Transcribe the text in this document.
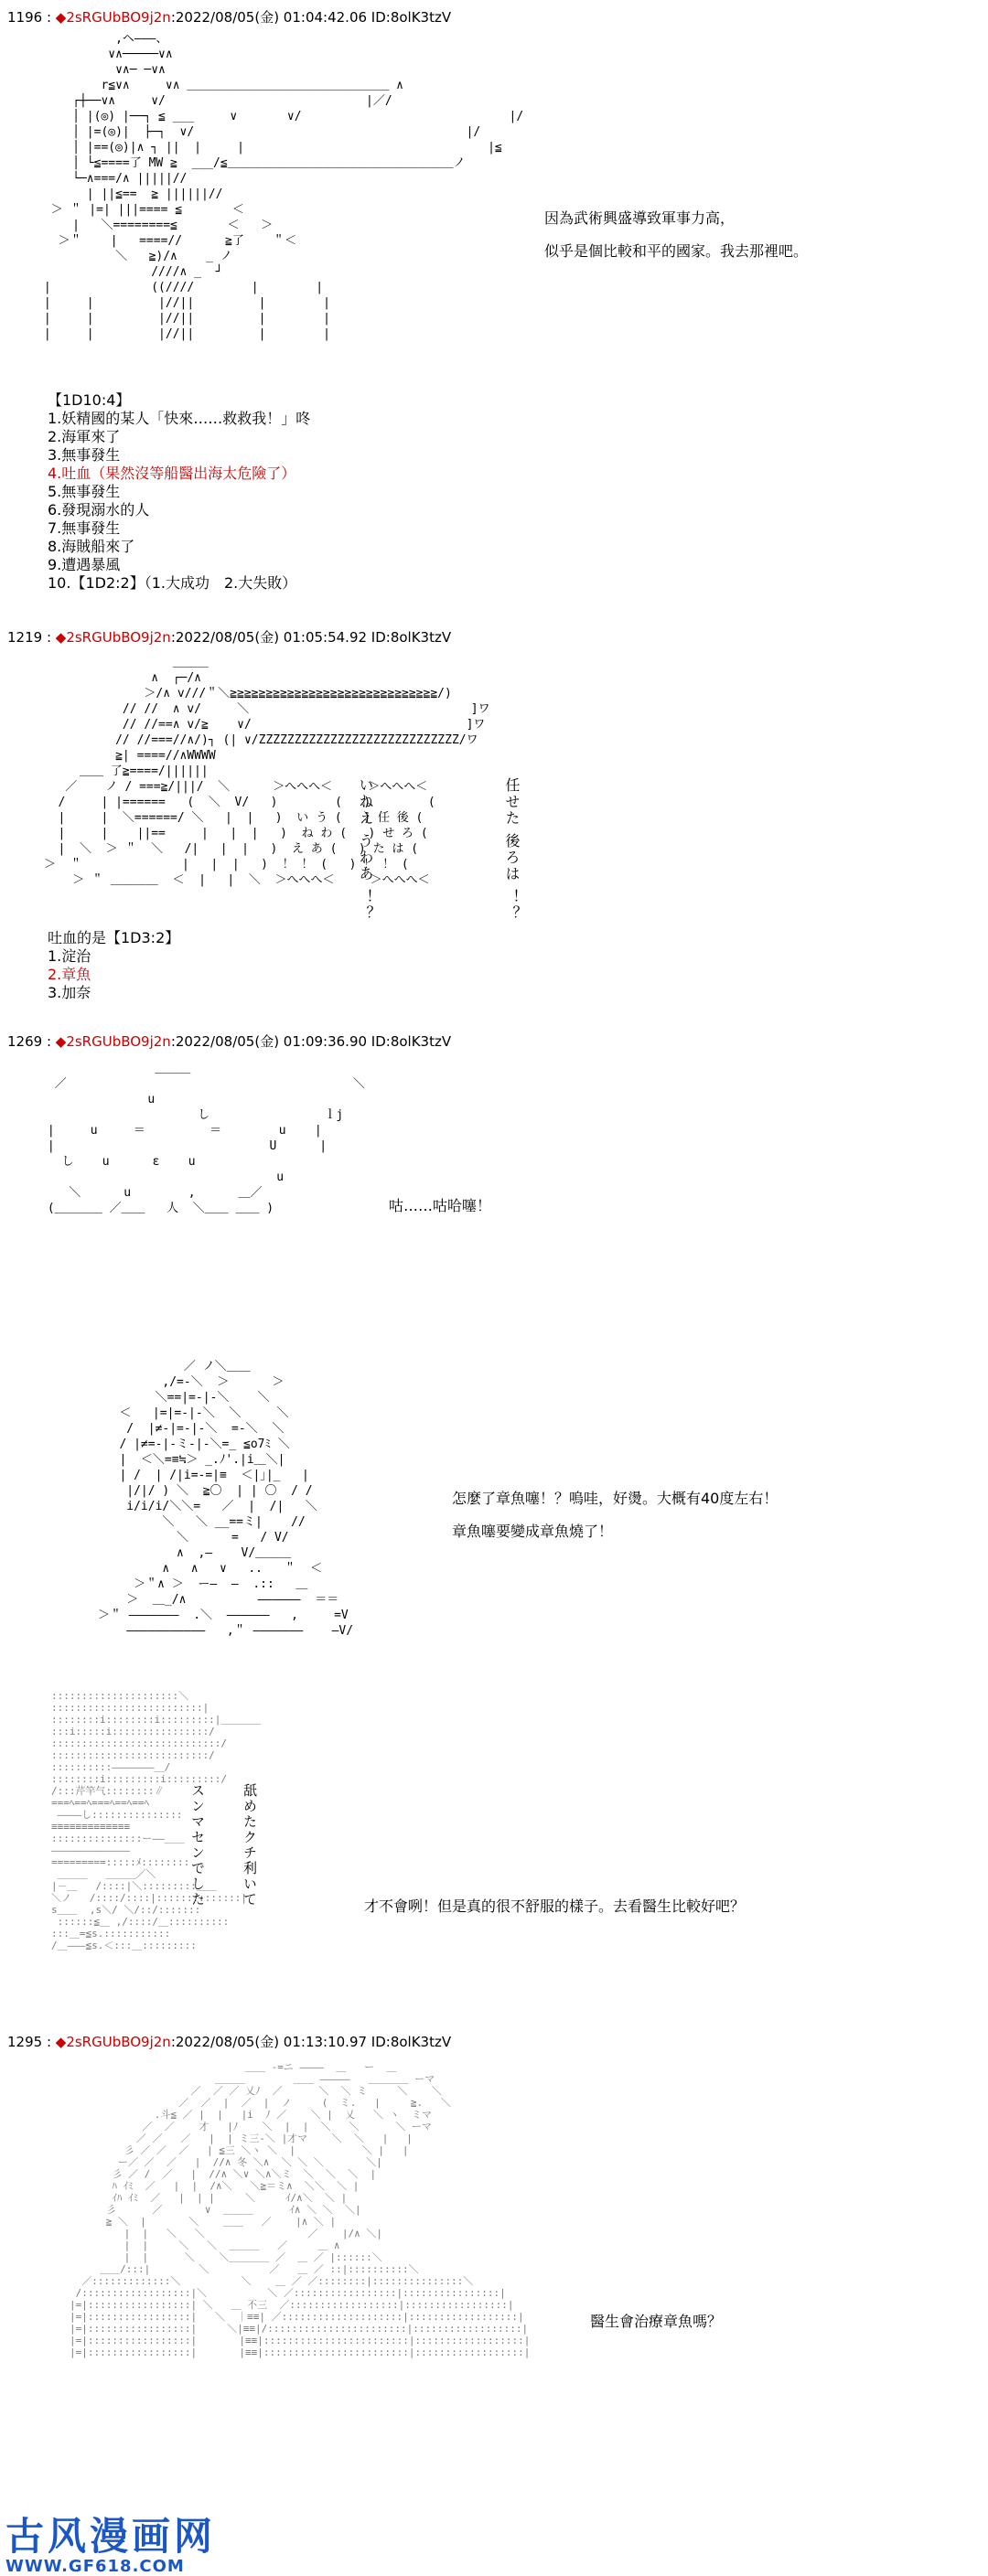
1196 : ◆2sRGUbBO9j2n:2022/08/05(金) 01:04:42.06 ID:8olK3tzV
,ヘ―――、
∨∧─────∨∧
∨∧─ ─∨∧
r≦∨∧     ∨∧ ＿＿＿＿＿＿＿＿＿＿＿＿＿＿＿＿＿ ∧
┌┼──∨∧     ∨/                            |／/
│ |(◎) |──┐ ≦ ___     ∨       ∨/                             |/
│ |=(◎)|  ├─┐  ∨/                                      |/
│ |==(◎)|∧ ┐ ||  |     |                                  |≦
│ └≦====了 MW ≧  ___/≦＿＿＿＿＿＿＿＿＿＿＿＿＿＿＿＿＿＿＿ノ
└─∧===/∧ |||||//
| ||≦==  ≧ ||||||//
＞ ＂ |=| |||==== ≦       ＜
|   ＼========≦       ＜   ＞
＞＂    |   ====//      ≧了    ＂＜
＼   ≧)/∧    _ ノ
////∧ _  ┘
|              ((////        |        |
|     |         |//||         |        |
|     |         |//||         |        |
|     |         |//||         |        |
因為武術興盛導致軍事力高，
似乎是個比較和平的國家。我去那裡吧。
【1D10:4】
1.妖精國的某人「快來……救救我！」咚
2.海軍來了
3.無事發生
4.吐血（果然沒等船醫出海太危險了）
5.無事發生
6.發現溺水的人
7.無事發生
8.海賊船來了
9.遭遇暴風
10.【1D2:2】（1.大成功　2.大失敗）
1219 : ◆2sRGUbBO9j2n:2022/08/05(金) 01:05:54.92 ID:8olK3tzV
＿＿＿
∧  ┌─/∧
＞/∧ v///＂＼≧≧≧≧≧≧≧≧≧≧≧≧≧≧≧≧≧≧≧≧≧≧≧≧≧≧≧≧≧/)
// //  ∧ v/     ＼                               ]ワ
// //==∧ v/≧    ∨/                              ]ワ
// //===//∧/)┐ (| ∨/ZZZZZZZZZZZZZZZZZZZZZZZZZZZZ/ワ
≧| ====//∧WWWW
＿＿ 了≧====/||||||
／    ノ / ===≧/|||/  ＼      ＞へへへ＜     ＞へへへ＜
/     | |======   (  ＼  V/   )        (   )        (
|     |  ＼======/ ＼   |  |   )  い う (   ) 任 後 (
|     |    ||==     |   |  |   )  ね わ (   ) せ ろ (
|  ＼  ＞ ＂  ＼   /|   |  |   )  え あ (   ) た は (
＞  ＂              |   |  |   )  ！ ！ (   ) ！ ！ (
＞ ＂ ＿＿＿＿  ＜  |   |  ＼  ＞へへへ＜     ＞へへへ＜
いねえ うわあ ！？
任せた 後ろは ！？
吐血的是【1D3:2】
1.淀治
2.章魚
3.加奈
1269 : ◆2sRGUbBO9j2n:2022/08/05(金) 01:09:36.90 ID:8olK3tzV
＿＿＿
／                                        ＼
u
し                ｌj
|     u     ＝         ＝        u    |
|                              U      |
し    u      ε    u
u
＼      u        ,      ＿／
(＿＿＿＿ ／＿＿   人  ＼＿＿ ＿＿ )	咕……咕哈噻！
／ ノ＼＿＿
,/=-＼  ＞      ＞
＼==|=-|-＼    ＼
＜   |=|=-|-＼  ＼     ＼
/  |≠-|=-|-＼  =-＼  ＼
/ |≠=-|-ミ-|-＼=_ ≦o7ﾐ ＼
|  ＜＼=≡≒＞ _.ﾉ'.|i＿＼|
| /  | /|i=-=|≡  ＜|｣|_   |
|/|/ ) ＼  ≧〇  | | 〇  / /
i/i/i/＼＼=   ／  |  /|   ＼
＼   ＼ __==ミ|    //
＼      =   / V/
∧  ,―    V/＿＿＿
∧   ∧   ∨   ..   ＂  ＜
＞＂∧ ＞  ー―  ―  .::   ＿
＞  ＿_/∧          ――――――  ＝＝
＞＂ ―――――――  .＼  ――――――   ,     =V
―――――――――――   ,＂ ―――――――    ―V/
怎麼了章魚噻！？嗚哇，好燙。大概有40度左右！
章魚噻要變成章魚燒了！
:::::::::::::::::::::＼
:::::::::::::::::::::::::|
::::::::i::::::::i:::::::::|＿＿＿＿
:::i:::::i::::::::::::::::/
::::::::::::::::::::::::::::/
::::::::::::::::::::::::::/
::::::::::―――――――＿/
::::::::i:::::::::i:::::::::/
/:::芹竿气::::::::∥
===ﾍ==ﾍ===ﾍ==ﾍ==ﾍ
――――し:::::::::::::::
≡≡≡≡≡≡≡≡≡≡≡≡≡
:::::::::::::::ー――＿＿
―――――――――――――
=========:::::ﾒ::::::::
＿＿＿   ＿＿＿／＼
|－＿   /::::|＼:::::::::＿＿
＼ノ   /::::/::::|::::::::::::::|
s＿＿  ,s＼/ ＼/::/:::::::
::::::≦＿ ,/::::/＿::::::::::
:::＿=≦s.:::::::::::
/＿―――≦s.＜:::＿:::::::::
スンマセンでした	舐めたクチ利いて	才不會咧！但是真的很不舒服的樣子。去看醫生比較好吧？
1295 : ◆2sRGUbBO9j2n:2022/08/05(金) 01:13:10.97 ID:8olK3tzV
＿＿ -=ニ ――――  ＿   ー  ＿
＿＿＿        ＿＿ ―――――   ＿＿＿＿ ーマ
／  ／ ／ 乂ﾉ  ／      ＼  ＼ ミ     ＼    ＼
／  ／  |  ／  |  ノ     (  ミ.   |     ≧.   ＼
.斗≦ ／ |  |   |i  ﾉ ／    ＼ |  乂   ＼ ヽ  ミマ
／  ／    才   |ﾉ    ＼  |  |  ＼   ＼      ＼ ーマ
／ ／   ／   |  | ミ三-＼ |才マ    ＼  ＼   |   |
彡 ／ ／  ／   | ≦三 ＼ヽ ＼  |           ＼ |   |
ー／ ／  ／   |  //∧ 冬 ＼∧  ＼ ＼ ＼       ＼|
彡 ／ /  ／   |  //∧ ＼∨ ＼∧＼ミ  ＼  ＼  ＼  |
ﾊ ｲﾐ  ／   |  |  /∧＼   ＼≧＝ミ∧  ＼＼  ＼ |
ｲﾊ ｲﾐ  ／   |  | |     ＼     ｲ/∧＼  ＼ |
彡      ／       ∨  ＿＿＿      ｲ∧ ＼ ＼  ＼|
≧ ＼  |       ＼    ＿＿   ／    |∧ ＼ |
|  |   ＼   ＼                 ／    |/∧ ＼|
|  |     ＼   ＼  ＿＿＿   ／     ＿ ∧
|  |      ＼    ＼＿＿＿＿ ／  ＿ ／ |::::::＼
＿＿/:::|        ＼          ／   ＿ ／ ::|::::::::::＼
／:::::::::::::＼          ＼    ＿ ／ ／::::::::|:::::::::::::::＼
/::::::::::::::::::|＼          ＼ ／:::::::::::::::::|::::::::::::::::|
|=|:::::::::::::::::| ＼   ＿ 不三  ／::::::::::::::::::|:::::::::::::::::|
|=|:::::::::::::::::|   ＼  ｜≡≡| ／::::::::::::::::::::|::::::::::::::::::|
|=|:::::::::::::::::|     ＼|≡≡|/:::::::::::::::::::::::|::::::::::::::::::|
|=|:::::::::::::::::|       |≡≡|::::::::::::::::::::::::|::::::::::::::::::|
|=|:::::::::::::::::|       |≡≡|::::::::::::::::::::::::|::::::::::::::::::|
醫生會治療章魚嗎？
古风漫画网
WWW.GF618.COM
